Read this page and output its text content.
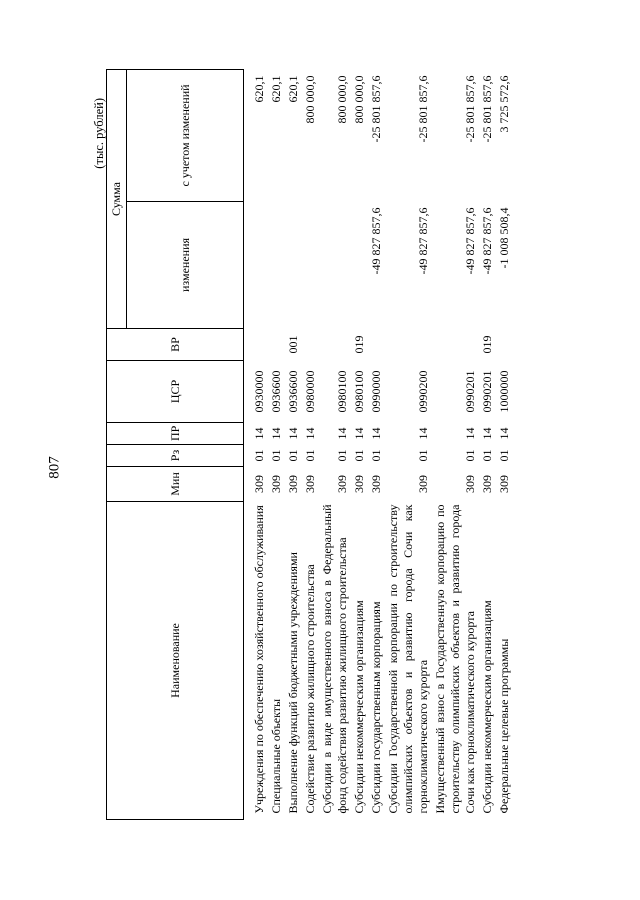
807
(тыс. рублей)
Наименование	Мин	Рз	ПР	ЦСР	ВР	Сумма	
						изменения	с учетом изменений
Учреждения по обеспечению хозяйственного обслуживания	309	01	14	0930000			620,1
Специальные объекты	309	01	14	0936600			620,1
Выполнение функций бюджетными учреждениями	309	01	14	0936600	001		620,1
Содействие развитию жилищного строительства	309	01	14	0980000			800 000,0
Субсидии в виде имущественного взноса в Федеральный фонд содействия развитию жилищного строительства	309	01	14	0980100			800 000,0
Субсидии некоммерческим организациям	309	01	14	0980100	019		800 000,0
Субсидии государственным корпорациям	309	01	14	0990000		-49 827 857,6	-25 801 857,6
Субсидии Государственной корпорации по строительству олимпийских объектов и развитию города Сочи как горноклиматического курорта	309	01	14	0990200		-49 827 857,6	-25 801 857,6
Имущественный взнос в Государственную корпорацию по строительству олимпийских объектов и развитию города Сочи как горноклиматического курорта	309	01	14	0990201		-49 827 857,6	-25 801 857,6
Субсидии некоммерческим организациям	309	01	14	0990201	019	-49 827 857,6	-25 801 857,6
Федеральные целевые программы	309	01	14	1000000		-1 008 508,4	3 725 572,6
